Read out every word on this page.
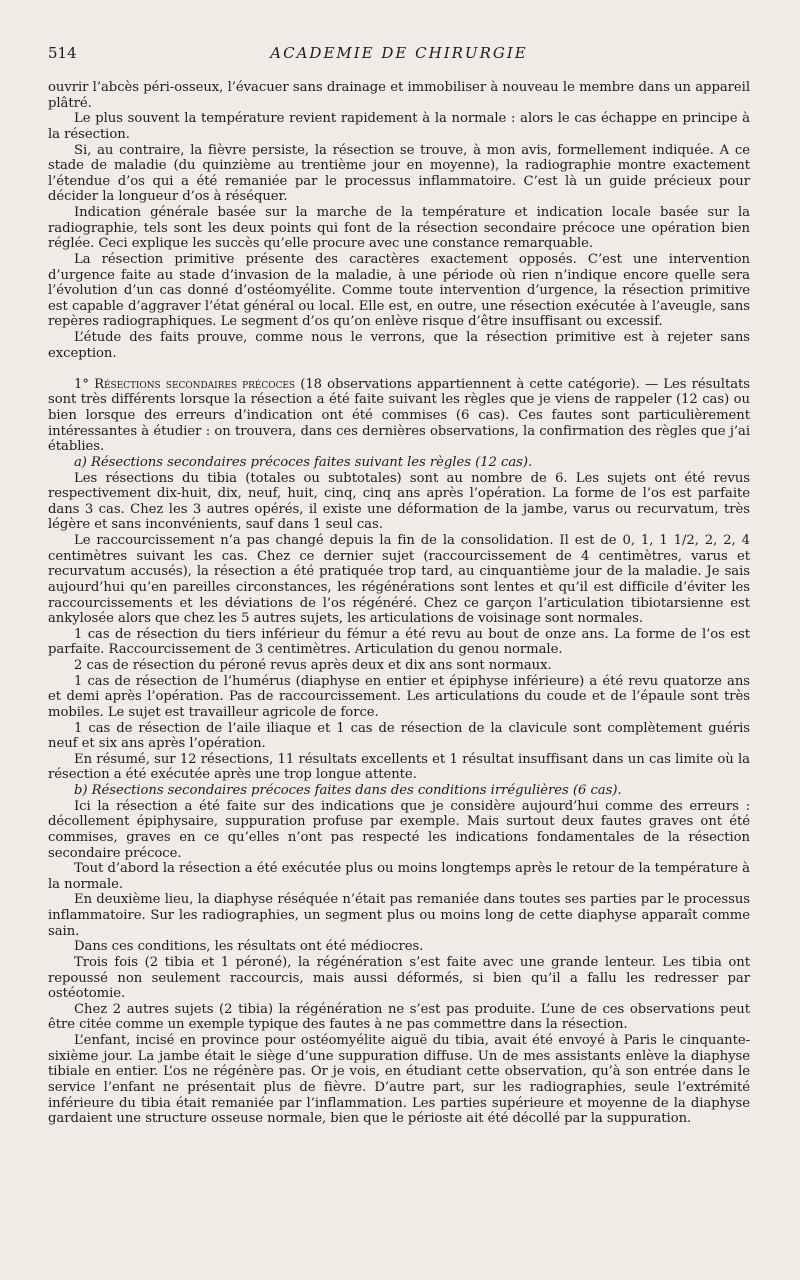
514	ACADEMIE DE CHIRURGIE

ouvrir l’abcès péri-osseux, l’évacuer sans drainage et immobiliser à nouveau le membre dans un appareil plâtré.

Le plus souvent la température revient rapidement à la normale : alors le cas échappe en principe à la résection.

Si, au contraire, la fièvre persiste, la résection se trouve, à mon avis, formellement indiquée. A ce stade de maladie (du quinzième au trentième jour en moyenne), la radiographie montre exactement l’étendue d’os qui a été remaniée par le processus inflammatoire. C’est là un guide précieux pour décider la longueur d’os à réséquer.

Indication générale basée sur la marche de la température et indication locale basée sur la radiographie, tels sont les deux points qui font de la résection secondaire précoce une opération bien réglée. Ceci explique les succès qu’elle procure avec une constance remarquable.

La résection primitive présente des caractères exactement opposés. C’est une intervention d’urgence faite au stade d’invasion de la maladie, à une période où rien n’indique encore quelle sera l’évolution d’un cas donné d’ostéomyélite. Comme toute intervention d’urgence, la résection primitive est capable d’aggraver l’état général ou local. Elle est, en outre, une résection exécutée à l’aveugle, sans repères radiographiques. Le segment d’os qu’on enlève risque d’être insuffisant ou excessif.

L’étude des faits prouve, comme nous le verrons, que la résection primitive est à rejeter sans exception.

1° Résections secondaires précoces (18 observations appartiennent à cette catégorie). — Les résultats sont très différents lorsque la résection a été faite suivant les règles que je viens de rappeler (12 cas) ou bien lorsque des erreurs d’indication ont été commises (6 cas). Ces fautes sont particulièrement intéressantes à étudier : on trouvera, dans ces dernières observations, la confirmation des règles que j’ai établies.

a) Résections secondaires précoces faites suivant les règles (12 cas).

Les résections du tibia (totales ou subtotales) sont au nombre de 6. Les sujets ont été revus respectivement dix-huit, dix, neuf, huit, cinq, cinq ans après l’opération. La forme de l’os est parfaite dans 3 cas. Chez les 3 autres opérés, il existe une déformation de la jambe, varus ou recurvatum, très légère et sans inconvénients, sauf dans 1 seul cas.

Le raccourcissement n’a pas changé depuis la fin de la consolidation. Il est de 0, 1, 1 1/2, 2, 2, 4 centimètres suivant les cas. Chez ce dernier sujet (raccourcissement de 4 centimètres, varus et recurvatum accusés), la résection a été pratiquée trop tard, au cinquantième jour de la maladie. Je sais aujourd’hui qu’en pareilles circonstances, les régénérations sont lentes et qu’il est difficile d’éviter les raccourcissements et les déviations de l’os régénéré. Chez ce garçon l’articulation tibiotarsienne est ankylosée alors que chez les 5 autres sujets, les articulations de voisinage sont normales.

1 cas de résection du tiers inférieur du fémur a été revu au bout de onze ans. La forme de l’os est parfaite. Raccourcissement de 3 centimètres. Articulation du genou normale.

2 cas de résection du péroné revus après deux et dix ans sont normaux.

1 cas de résection de l’humérus (diaphyse en entier et épiphyse inférieure) a été revu quatorze ans et demi après l’opération. Pas de raccourcissement. Les articulations du coude et de l’épaule sont très mobiles. Le sujet est travailleur agricole de force.

1 cas de résection de l’aile iliaque et 1 cas de résection de la clavicule sont complètement guéris neuf et six ans après l’opération.

En résumé, sur 12 résections, 11 résultats excellents et 1 résultat insuffisant dans un cas limite où la résection a été exécutée après une trop longue attente.

b) Résections secondaires précoces faites dans des conditions irrégulières (6 cas).

Ici la résection a été faite sur des indications que je considère aujourd’hui comme des erreurs : décollement épiphysaire, suppuration profuse par exemple. Mais surtout deux fautes graves ont été commises, graves en ce qu’elles n’ont pas respecté les indications fondamentales de la résection secondaire précoce.

Tout d’abord la résection a été exécutée plus ou moins longtemps après le retour de la température à la normale.

En deuxième lieu, la diaphyse réséquée n’était pas remaniée dans toutes ses parties par le processus inflammatoire. Sur les radiographies, un segment plus ou moins long de cette diaphyse apparaît comme sain.

Dans ces conditions, les résultats ont été médiocres.

Trois fois (2 tibia et 1 péroné), la régénération s’est faite avec une grande lenteur. Les tibia ont repoussé non seulement raccourcis, mais aussi déformés, si bien qu’il a fallu les redresser par ostéotomie.

Chez 2 autres sujets (2 tibia) la régénération ne s’est pas produite. L’une de ces observations peut être citée comme un exemple typique des fautes à ne pas commettre dans la résection.

L’enfant, incisé en province pour ostéomyélite aiguë du tibia, avait été envoyé à Paris le cinquante-sixième jour. La jambe était le siège d’une suppuration diffuse. Un de mes assistants enlève la diaphyse tibiale en entier. L’os ne régénère pas. Or je vois, en étudiant cette observation, qu’à son entrée dans le service l’enfant ne présentait plus de fièvre. D’autre part, sur les radiographies, seule l’extrémité inférieure du tibia était remaniée par l’inflammation. Les parties supérieure et moyenne de la diaphyse gardaient une structure osseuse normale, bien que le périoste ait été décollé par la suppuration.
